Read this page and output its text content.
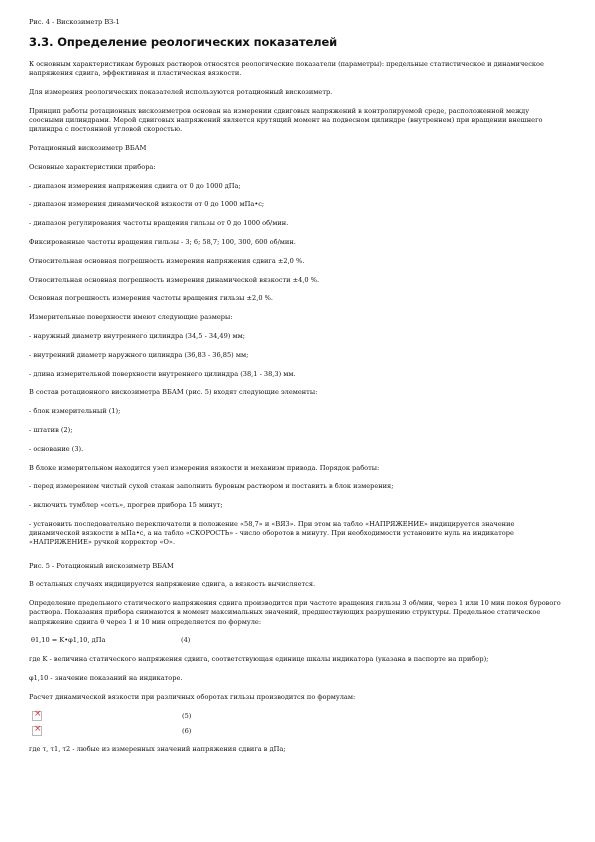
Рис. 4 - Вискозиметр ВЗ-1
3.3. Определение реологических показателей

К основным характеристикам буровых растворов относятся реологические показатели (параметры): предельные статистическое и динамическое напряжения сдвига, эффективная и пластическая вязкости.

Для измерения реологических показателей используются ротационный вискозиметр.

Принцип работы ротационных вискозиметров основан на измерении сдвиговых напряжений в контролируемой среде, расположенной между соосными цилиндрами. Мерой сдвиговых напряжений является крутящий момент на подвесном цилиндре (внутреннем) при вращении внешнего цилиндра с постоянной угловой скоростью.

Ротационный вискозиметр ВБАМ

Основные характеристики прибора:

- диапазон измерения напряжения сдвига от 0 до 1000 дПа;

- диапазон измерения динамической вязкости от 0 до 1000 мПа•с;

- диапазон регулирования частоты вращения гильзы от 0 до 1000 об/мин.

Фиксированные частоты вращения гильзы - 3; 6; 58,7; 100, 300, 600 об/мин.

Относительная основная погрешность измерения напряжения сдвига ±2,0 %.

Относительная основная погрешность измерения динамической вязкости ±4,0 %.

Основная погрешность измерения частоты вращения гильзы ±2,0 %.

Измерительные поверхности имеют следующие размеры:

- наружный диаметр внутреннего цилиндра (34,5 - 34,49) мм;

- внутренний диаметр наружного цилиндра (36,83 - 36,85) мм;

- длина измерительной поверхности внутреннего цилиндра (38,1 - 38,3) мм.

В состав ротационного вискозиметра ВБАМ (рис. 5) входят следующие элементы:

- блок измерительный (1);

- штатив (2);

- основание (3).

В блоке измерительном находится узел измерения вязкости и механизм привода. Порядок работы:

- перед измерением чистый сухой стакан заполнить буровым раствором и поставить в блок измерения;

- включить тумблер «сеть», прогрев прибора 15 минут;

- установить последовательно переключатели в положение «58,7» и «ВЯЗ». При этом на табло «НАПРЯЖЕНИЕ» индицируется значение динамической вязкости в мПа•с, а на табло «СКОРОСТЬ» - число оборотов в минуту. При необходимости установите нуль на индикаторе «НАПРЯЖЕНИЕ» ручкой корректор «О».

Рис. 5 - Ротационный вискозиметр ВБАМ

В остальных случаях индицируется напряжение сдвига, а вязкость вычисляется.

Определение предельного статического напряжения сдвига производится при частоте вращения гильзы 3 об/мин, через 1 или 10 мин покоя бурового раствора. Показания прибора снимаются в момент максимальных значений, предшествующих разрушению структуры. Предельное статическое напряжение сдвига θ через 1 и 10 мин определяется по формуле:

θ1,10 = K•φ1,10, дПа	(4)

где K - величина статического напряжения сдвига, соответствующая единице шкалы индикатора (указана в паспорте на прибор);

φ1,10 - значение показаний на индикаторе.

Расчет динамической вязкости при различных оборотах гильзы производится по формулам:

×
(5)
×
(6)

где τ, τ1, τ2 - любые из измеренных значений напряжения сдвига в дПа;
